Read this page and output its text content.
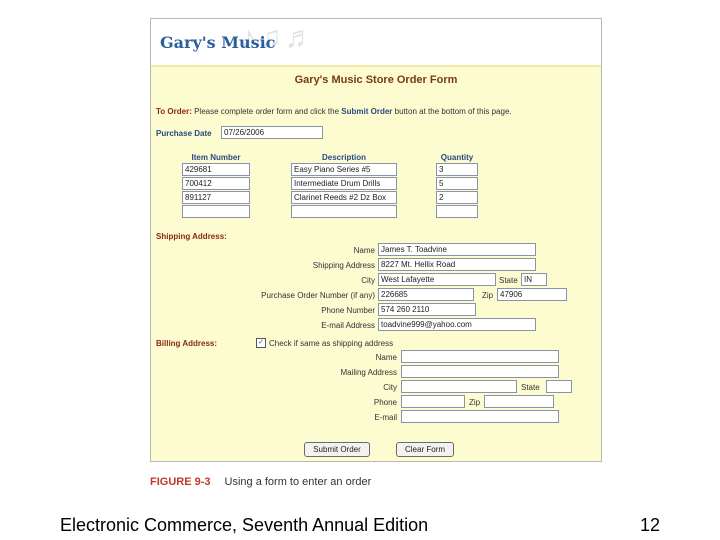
♪♫♬
Gary's Music
Gary's Music Store Order Form
To Order: Please complete order form and click the Submit Order button at the bottom of this page.
Purchase Date	07/26/2006
Item Number	Description	Quantity
429681	Easy Piano Series #5	3
700412	Intermediate Drum Drills	5
891127	Clarinet Reeds #2 Dz Box	2
Shipping Address:
Name James T. Toadvine
Shipping Address 8227 Mt. Hellix Road
City West Lafayette	State IN
Purchase Order Number (if any) 226685	Zip 47906
Phone Number 574 260 2110
E-mail Address toadvine999@yahoo.com
Billing Address:	✓ Check if same as shipping address
Name
Mailing Address
City	State
Phone	Zip
E-mail
Submit Order	Clear Form
FIGURE 9-3 Using a form to enter an order
Electronic Commerce, Seventh Annual Edition	12
